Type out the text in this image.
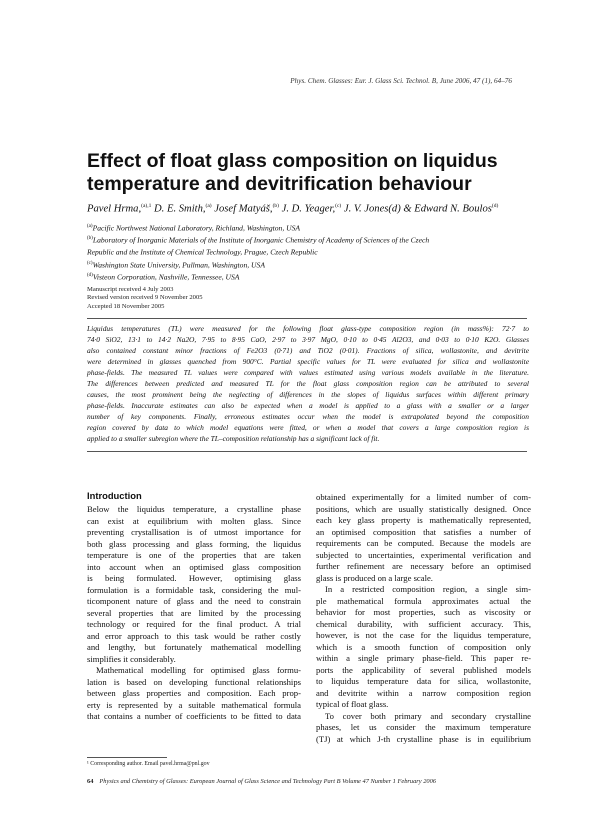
Phys. Chem. Glasses: Eur. J. Glass Sci. Technol. B, June 2006, 47 (1), 64–76
Effect of float glass composition on liquidus
temperature and devitrification behaviour
Pavel Hrma,$^{(a),1}$ D. E. Smith,$^{(a)}$ Josef Matyáš,$^{(b)}$ J. D. Yeager,$^{(c)}$ J. V. Jones(d) & Edward N. Boulos$^{(d)}$
$^{(a)}$Pacific Northwest National Laboratory, Richland, Washington, USA
$^{(b)}$Laboratory of Inorganic Materials of the Institute of Inorganic Chemistry of Academy of Sciences of the Czech
Republic and the Institute of Chemical Technology, Prague, Czech Republic
$^{(c)}$Washington State University, Pullman, Washington, USA
$^{(d)}$Visteon Corporation, Nashville, Tennessee, USA
Manuscript received 4 July 2003
Revised version received 9 November 2005
Accepted 18 November 2005
Liquidus temperatures (TL) were measured for the following float glass-type composition region (in mass%): 72·7 to
74·0 SiO2, 13·1 to 14·2 Na2O, 7·95 to 8·95 CaO, 2·97 to 3·97 MgO, 0·10 to 0·45 Al2O3, and 0·03 to 0·10 K2O. Glasses
also contained constant minor fractions of Fe2O3 (0·71) and TiO2 (0·01). Fractions of silica, wollastonite, and devitrite
were determined in glasses quenched from 900°C. Partial specific values for TL were evaluated for silica and wollastonite
phase-fields. The measured TL values were compared with values estimated using various models available in the literature.
The differences between predicted and measured TL for the float glass composition region can be attributed to several
causes, the most prominent being the neglecting of differences in the slopes of liquidus surfaces within different primary
phase-fields. Inaccurate estimates can also be expected when a model is applied to a glass with a smaller or a larger
number of key components. Finally, erroneous estimates occur when the model is extrapolated beyond the composition
region covered by data to which model equations were fitted, or when a model that covers a large composition region is
applied to a smaller subregion where the TL–composition relationship has a significant lack of fit.
Introduction
Below the liquidus temperature, a crystalline phase
can exist at equilibrium with molten glass. Since
preventing crystallisation is of utmost importance for
both glass processing and glass forming, the liquidus
temperature is one of the properties that are taken
into account when an optimised glass composition
is being formulated. However, optimising glass
formulation is a formidable task, considering the mul-
ticomponent nature of glass and the need to constrain
several properties that are limited by the processing
technology or required for the final product. A trial
and error approach to this task would be rather costly
and lengthy, but fortunately mathematical modelling
simplifies it considerably.
Mathematical modelling for optimised glass formu-
lation is based on developing functional relationships
between glass properties and composition. Each prop-
erty is represented by a suitable mathematical formula
that contains a number of coefficients to be fitted to data
obtained experimentally for a limited number of com-
positions, which are usually statistically designed. Once
each key glass property is mathematically represented,
an optimised composition that satisfies a number of
requirements can be computed. Because the models are
subjected to uncertainties, experimental verification and
further refinement are necessary before an optimised
glass is produced on a large scale.
In a restricted composition region, a single sim-
ple mathematical formula approximates actual the
behavior for most properties, such as viscosity or
chemical durability, with sufficient accuracy. This,
however, is not the case for the liquidus temperature,
which is a smooth function of composition only
within a single primary phase-field. This paper re-
ports the applicability of several published models
to liquidus temperature data for silica, wollastonite,
and devitrite within a narrow composition region
typical of float glass.
To cover both primary and secondary crystalline
phases, let us consider the maximum temperature
(TJ) at which J-th crystalline phase is in equilibrium
¹ Corresponding author. Email pavel.hrma@pnl.gov
64 Physics and Chemistry of Glasses: European Journal of Glass Science and Technology Part B Volume 47 Number 1 February 2006
